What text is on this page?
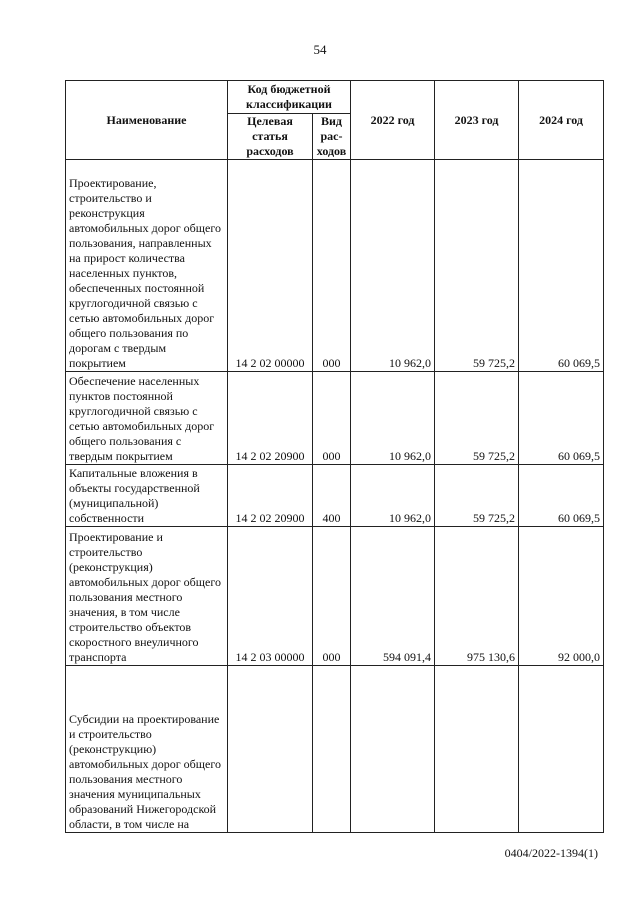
54
Наименование	Код бюджетной классификации		2022 год	2023 год	2024 год
	Целевая статья расходов	Вид рас-ходов			
Проектирование, строительство и реконструкция автомобильных дорог общего пользования, направленных на прирост количества населенных пунктов, обеспеченных постоянной круглогодичной связью с сетью автомобильных дорог общего пользования по дорогам с твердым покрытием	14 2 02 00000	000	10 962,0	59 725,2	60 069,5
Обеспечение населенных пунктов постоянной круглогодичной связью с сетью автомобильных дорог общего пользования с твердым покрытием	14 2 02 20900	000	10 962,0	59 725,2	60 069,5
Капитальные вложения в объекты государственной (муниципальной) собственности	14 2 02 20900	400	10 962,0	59 725,2	60 069,5
Проектирование и строительство (реконструкция) автомобильных дорог общего пользования местного значения, в том числе строительство объектов скоростного внеуличного транспорта	14 2 03 00000	000	594 091,4	975 130,6	92 000,0
Субсидии на проектирование и строительство (реконструкцию) автомобильных дорог общего пользования местного значения муниципальных образований Нижегородской области, в том числе на					
0404/2022-1394(1)
